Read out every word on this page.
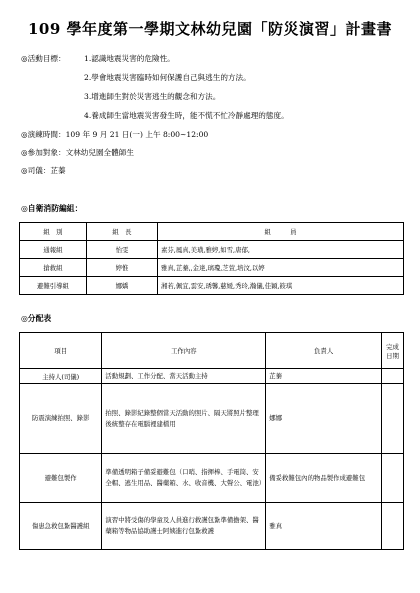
109 學年度第一學期文林幼兒園「防災演習」計畫書
◎活動目標： 1.認識地震災害的危險性。
2.學會地震災害臨時如何保護自己與逃生的方法。
3.增進師生對於災害逃生的觀念和方法。
4.養成師生當地震災害發生時，能不慌不忙冷靜處理的態度。
◎演練時間：109 年 9 月 21 日(一) 上午 8:00~12:00
◎參加對象：文林幼兒園全體師生
◎司儀：芷蓁
◎自衛消防編組：
組　別	組　長	組　　　員
通報組	怡雯	素芬,鳳真,美璜,雅婷,如雪,唐郁,
搶救組	婷惟	雅真,芷蓁,,金達,璃瓊,芝萱,培汶,以婷
避難引導組	娜嬌	湘若,佩宜,雲安,琇馨,慈媛,秀玲,瀚儀,佳穎,筱琪
◎分配表
項目	工作內容	負責人	完成日期
主持人(司儀)	活動規劃、工作分配、當天活動主持	芷蓁	
防震演練拍照、錄影	拍照、錄影紀錄整個當天活動的照片、隔天將照片整理後統整存在電腦裡建檔用	娜娜	
避難包製作	準備透明箱子備妥避難包（口哨、指揮棒、手電筒、安全帽、逃生用品、醫藥箱、水、收音機、大聲公、電池）	備妥救難包內的物品製作成避難包	
傷患急救包紮醫護組	演習中將受傷的學童及人員進行救護包紮準備擔架、醫藥箱等物品協助護士阿姨進行包紮救護	雅真	
